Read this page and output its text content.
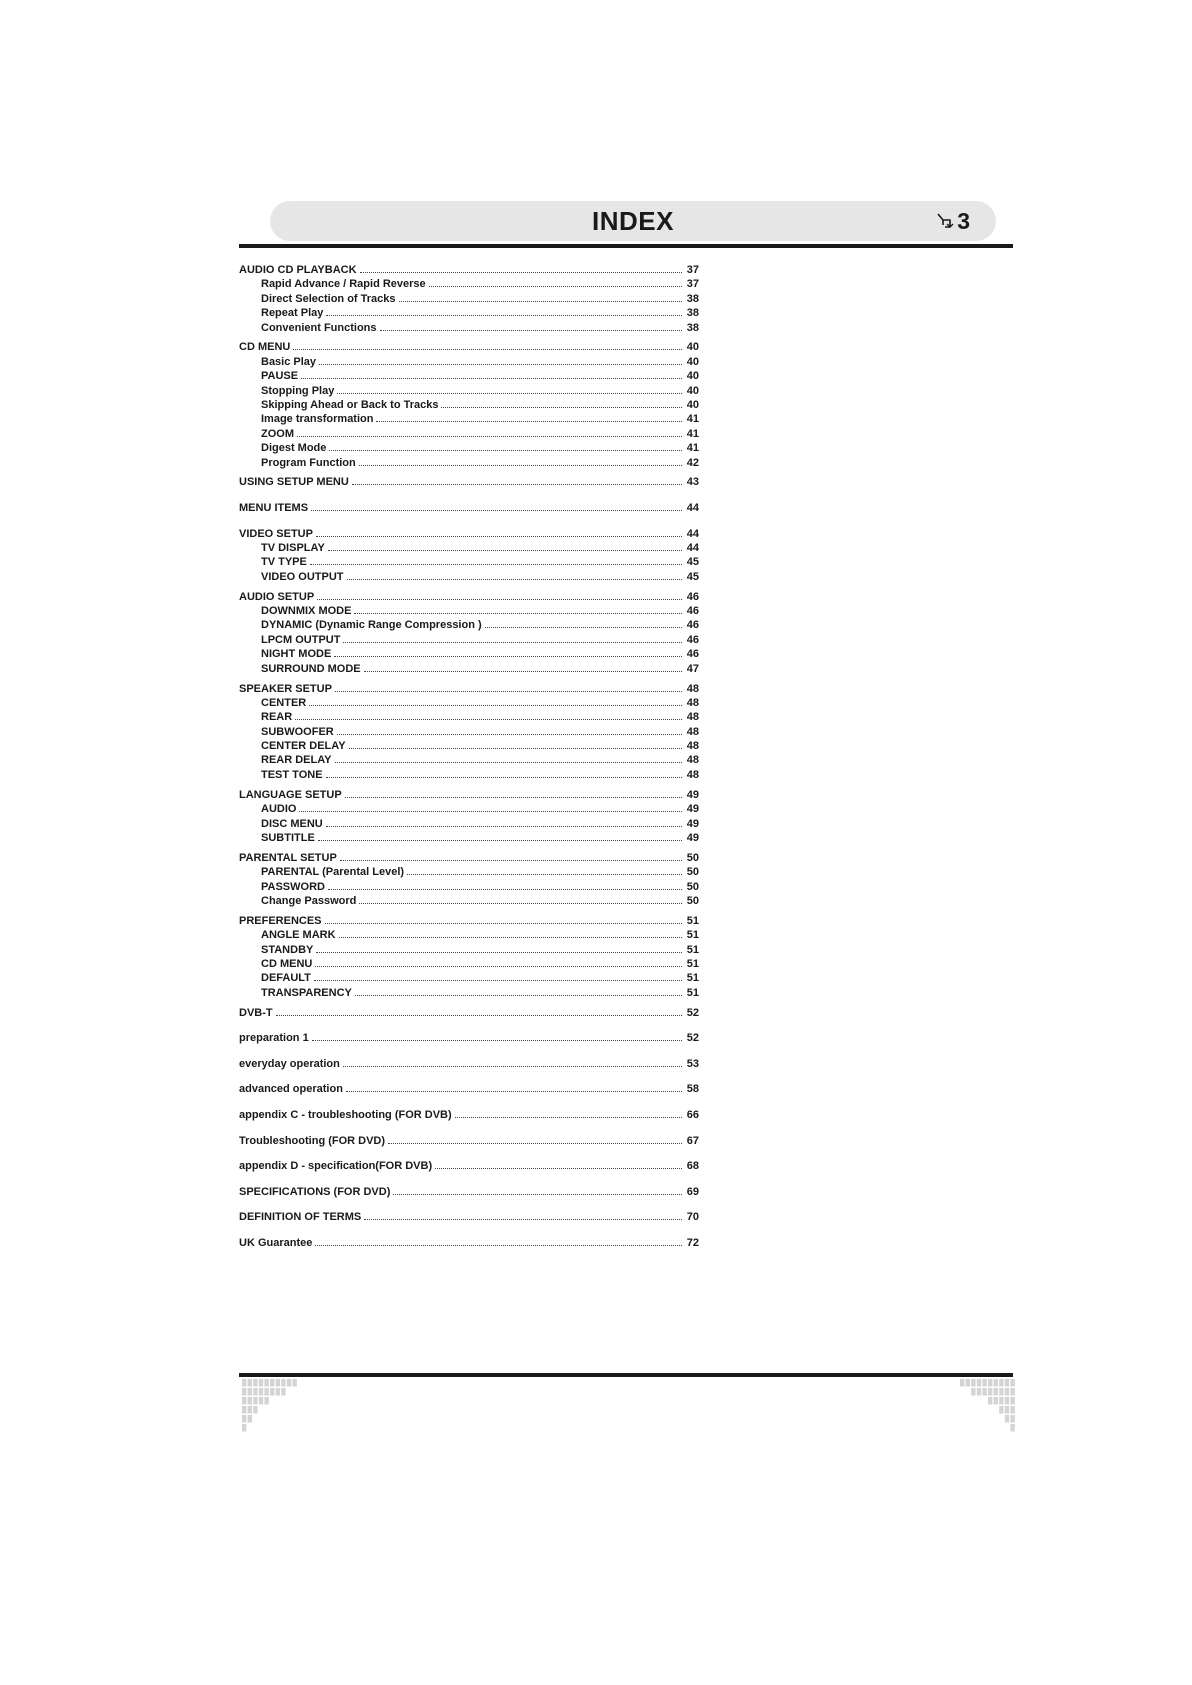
INDEX	3
AUDIO CD PLAYBACK	37
Rapid Advance / Rapid Reverse	37
Direct Selection of Tracks	38
Repeat Play	38
Convenient Functions	38
CD MENU	40
Basic Play	40
PAUSE	40
Stopping Play	40
Skipping Ahead or Back to Tracks	40
Image transformation	41
ZOOM	41
Digest Mode	41
Program Function	42
USING SETUP MENU	43
MENU ITEMS	44
VIDEO SETUP	44
TV DISPLAY	44
TV TYPE	45
VIDEO OUTPUT	45
AUDIO SETUP	46
DOWNMIX MODE	46
DYNAMIC (Dynamic Range Compression )	46
LPCM OUTPUT	46
NIGHT MODE	46
SURROUND MODE	47
SPEAKER SETUP	48
CENTER	48
REAR	48
SUBWOOFER	48
CENTER DELAY	48
REAR DELAY	48
TEST TONE	48
LANGUAGE SETUP	49
AUDIO	49
DISC MENU	49
SUBTITLE	49
PARENTAL SETUP	50
PARENTAL (Parental Level)	50
PASSWORD	50
Change Password	50
PREFERENCES	51
ANGLE MARK	51
STANDBY	51
CD MENU	51
DEFAULT	51
TRANSPARENCY	51
DVB-T	52
preparation 1	52
everyday operation	53
advanced operation	58
appendix C - troubleshooting (FOR DVB)	66
Troubleshooting (FOR DVD)	67
appendix D - specification(FOR DVB)	68
SPECIFICATIONS (FOR DVD)	69
DEFINITION OF TERMS	70
UK Guarantee	72
